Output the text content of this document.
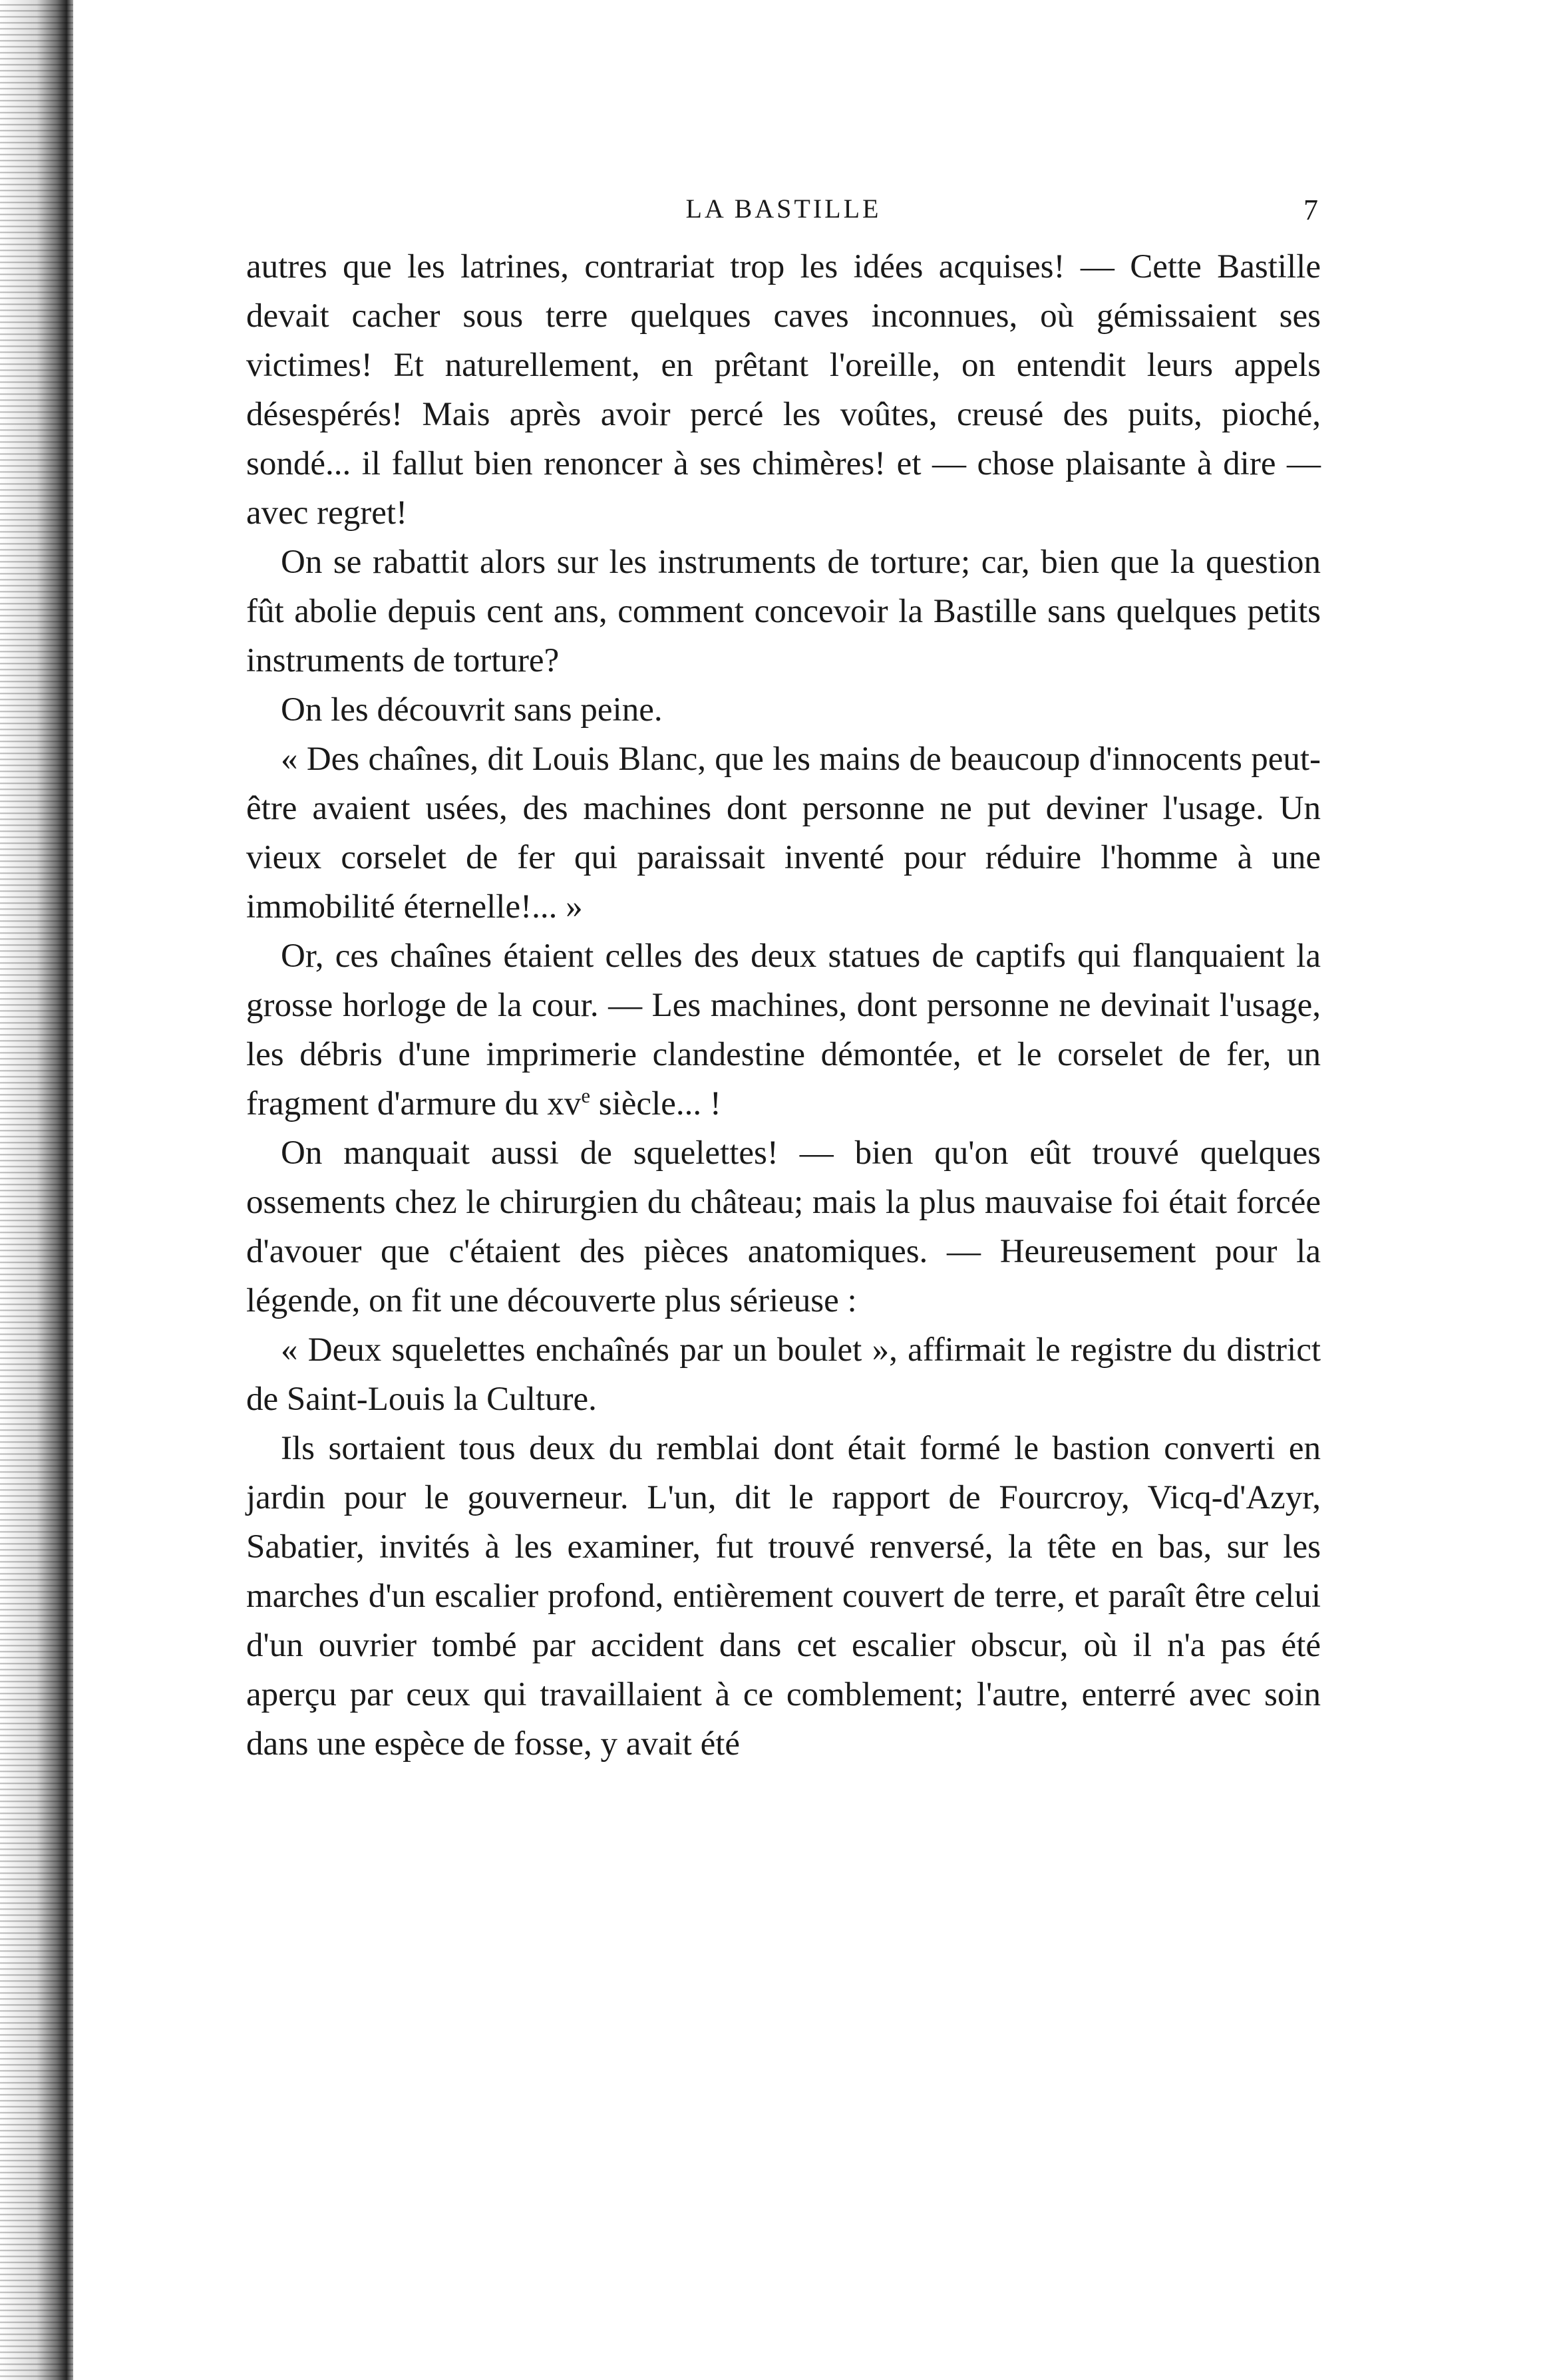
LA BASTILLE	7

autres que les latrines, contrariat trop les idées acquises! — Cette Bastille devait cacher sous terre quelques caves inconnues, où gémissaient ses victimes! Et naturellement, en prêtant l'oreille, on entendit leurs appels désespérés! Mais après avoir percé les voûtes, creusé des puits, pioché, sondé... il fallut bien renoncer à ses chimères! et — chose plaisante à dire — avec regret!

On se rabattit alors sur les instruments de torture; car, bien que la question fût abolie depuis cent ans, comment concevoir la Bastille sans quelques petits instruments de torture?

On les découvrit sans peine.

« Des chaînes, dit Louis Blanc, que les mains de beaucoup d'innocents peut-être avaient usées, des machines dont personne ne put deviner l'usage. Un vieux corselet de fer qui paraissait inventé pour réduire l'homme à une immobilité éternelle!... »

Or, ces chaînes étaient celles des deux statues de captifs qui flanquaient la grosse horloge de la cour. — Les machines, dont personne ne devinait l'usage, les débris d'une imprimerie clandestine démontée, et le corselet de fer, un fragment d'armure du $xv^e$ siècle... !

On manquait aussi de squelettes! — bien qu'on eût trouvé quelques ossements chez le chirurgien du château; mais la plus mauvaise foi était forcée d'avouer que c'étaient des pièces anatomiques. — Heureusement pour la légende, on fit une découverte plus sérieuse :

« Deux squelettes enchaînés par un boulet », affirmait le registre du district de Saint-Louis la Culture.

Ils sortaient tous deux du remblai dont était formé le bastion converti en jardin pour le gouverneur. L'un, dit le rapport de Fourcroy, Vicq-d'Azyr, Sabatier, invités à les examiner, fut trouvé renversé, la tête en bas, sur les marches d'un escalier profond, entièrement couvert de terre, et paraît être celui d'un ouvrier tombé par accident dans cet escalier obscur, où il n'a pas été aperçu par ceux qui travaillaient à ce comblement; l'autre, enterré avec soin dans une espèce de fosse, y avait été
